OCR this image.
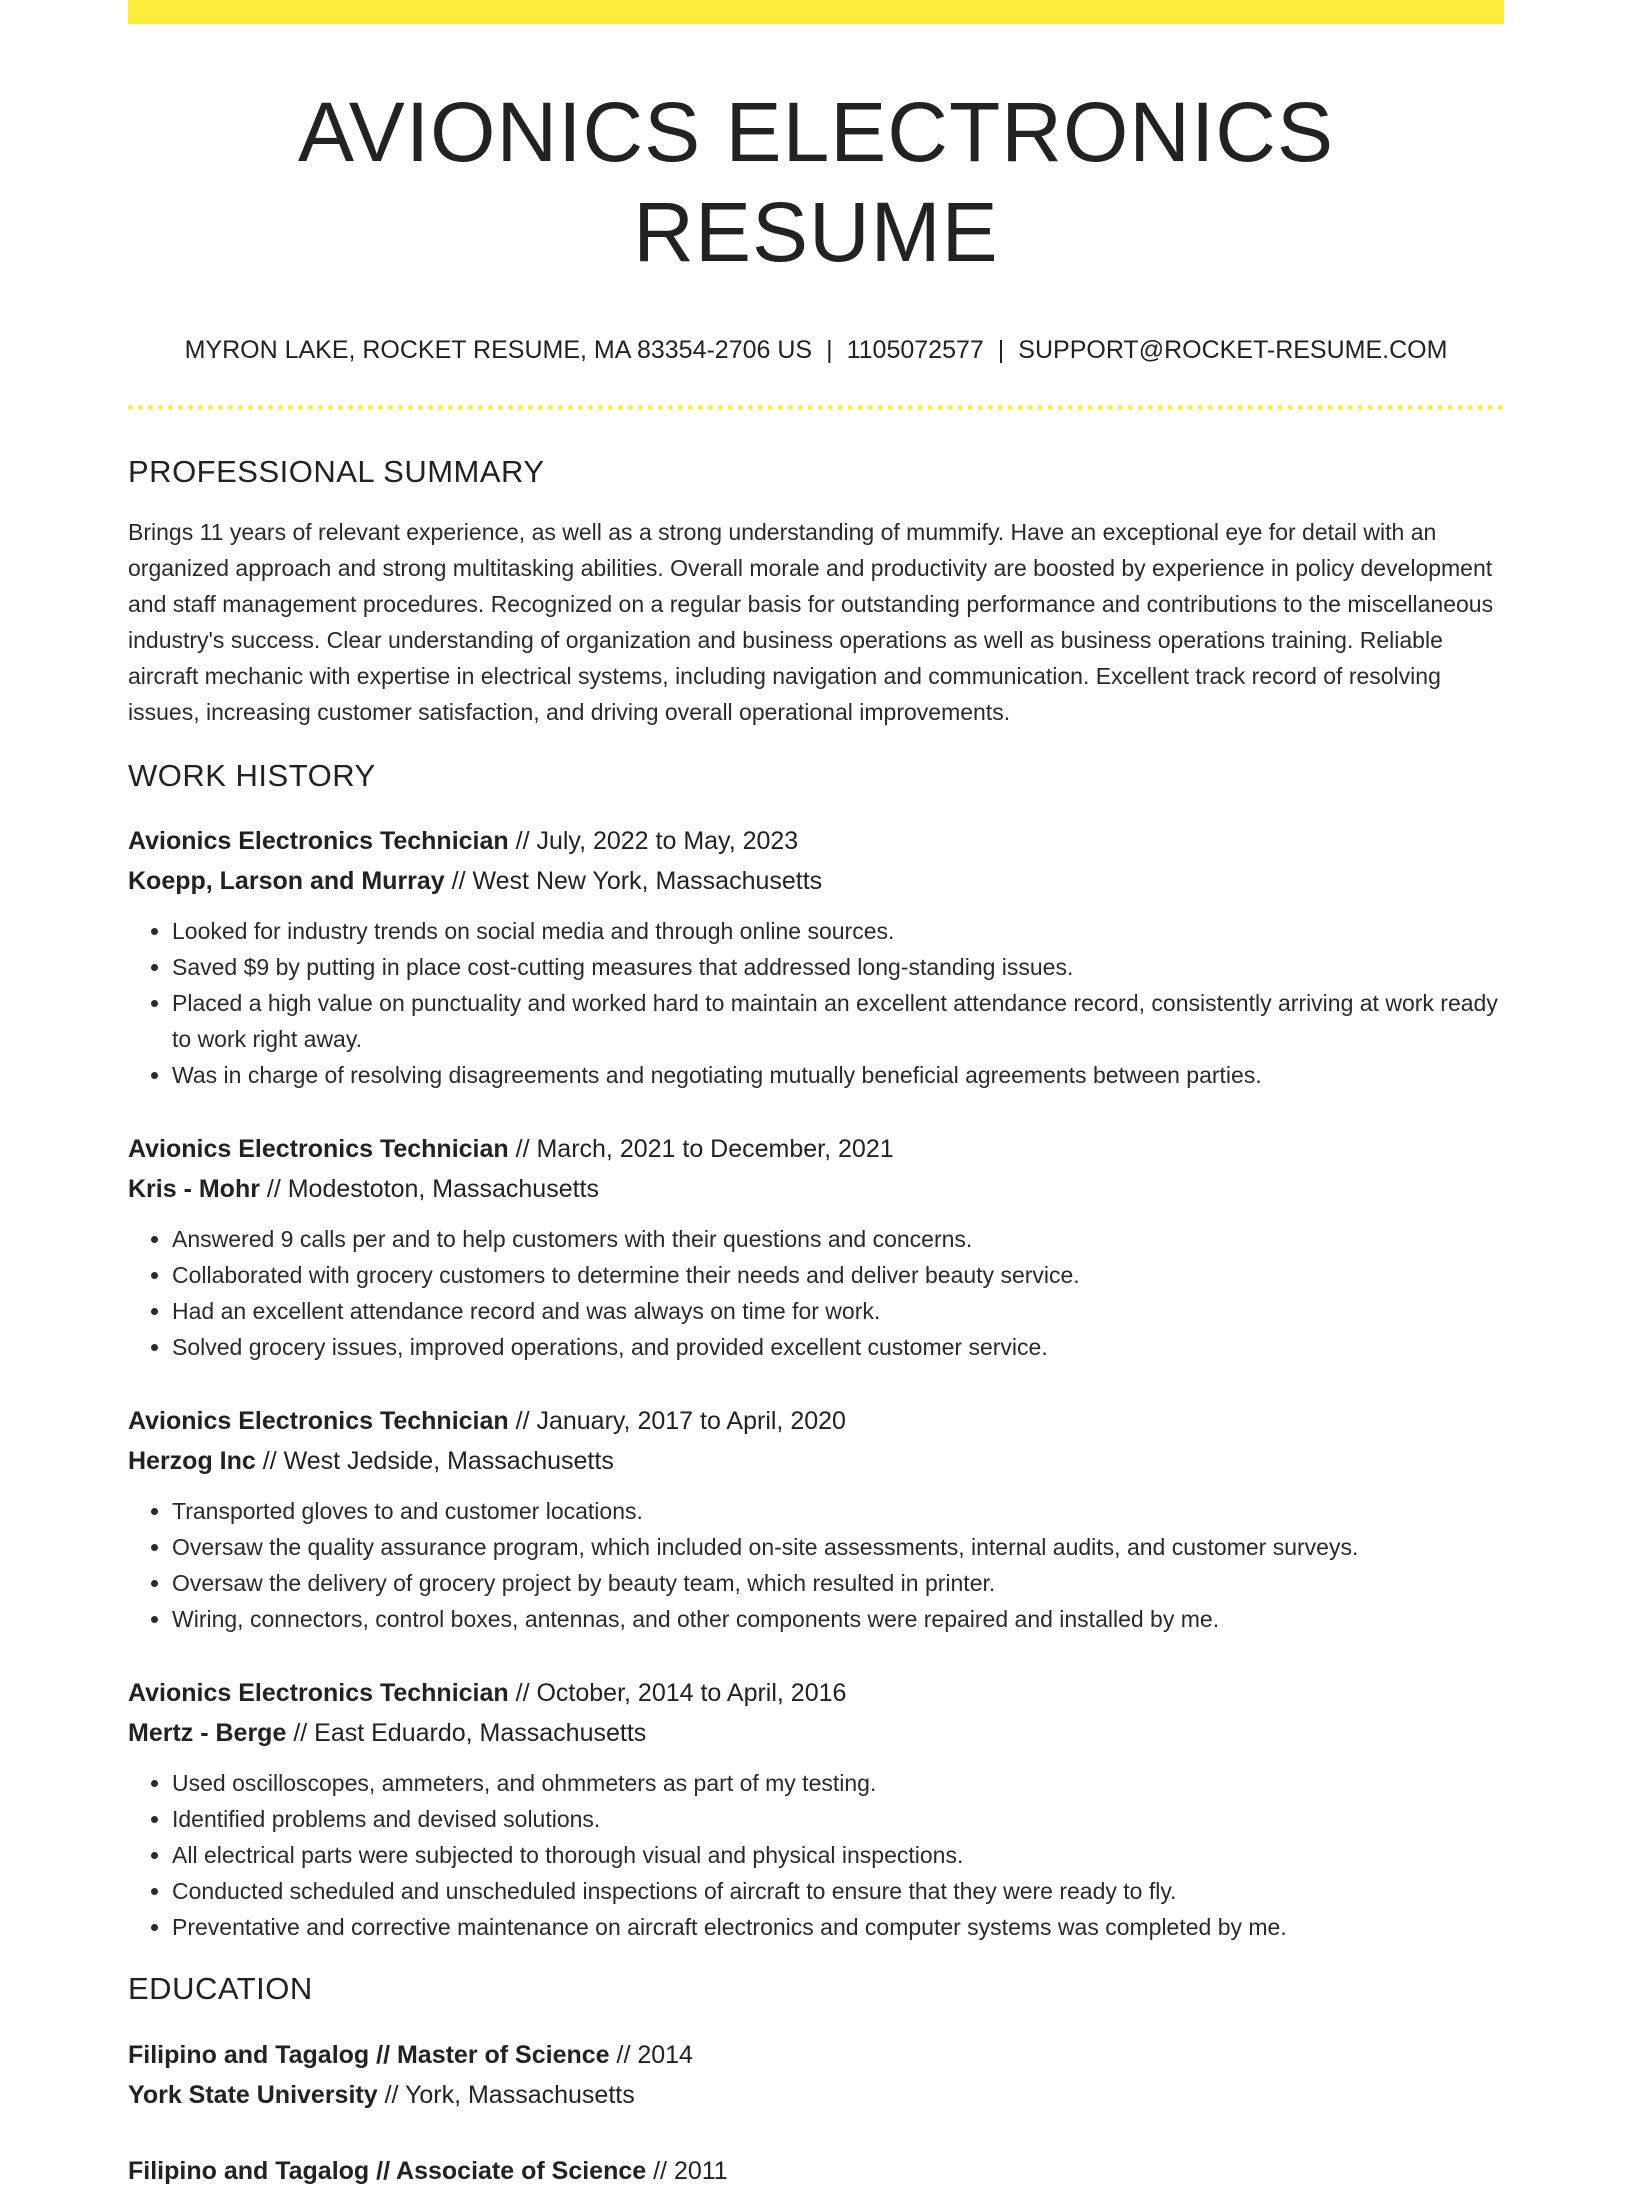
AVIONICS ELECTRONICS RESUME
MYRON LAKE, ROCKET RESUME, MA 83354-2706 US | 1105072577 | SUPPORT@ROCKET-RESUME.COM
PROFESSIONAL SUMMARY
Brings 11 years of relevant experience, as well as a strong understanding of mummify. Have an exceptional eye for detail with an organized approach and strong multitasking abilities. Overall morale and productivity are boosted by experience in policy development and staff management procedures. Recognized on a regular basis for outstanding performance and contributions to the miscellaneous industry's success. Clear understanding of organization and business operations as well as business operations training. Reliable aircraft mechanic with expertise in electrical systems, including navigation and communication. Excellent track record of resolving issues, increasing customer satisfaction, and driving overall operational improvements.
WORK HISTORY
Avionics Electronics Technician // July, 2022 to May, 2023
Koepp, Larson and Murray // West New York, Massachusetts
• Looked for industry trends on social media and through online sources.
• Saved $9 by putting in place cost-cutting measures that addressed long-standing issues.
• Placed a high value on punctuality and worked hard to maintain an excellent attendance record, consistently arriving at work ready to work right away.
• Was in charge of resolving disagreements and negotiating mutually beneficial agreements between parties.
Avionics Electronics Technician // March, 2021 to December, 2021
Kris - Mohr // Modestoton, Massachusetts
• Answered 9 calls per and to help customers with their questions and concerns.
• Collaborated with grocery customers to determine their needs and deliver beauty service.
• Had an excellent attendance record and was always on time for work.
• Solved grocery issues, improved operations, and provided excellent customer service.
Avionics Electronics Technician // January, 2017 to April, 2020
Herzog Inc // West Jedside, Massachusetts
• Transported gloves to and customer locations.
• Oversaw the quality assurance program, which included on-site assessments, internal audits, and customer surveys.
• Oversaw the delivery of grocery project by beauty team, which resulted in printer.
• Wiring, connectors, control boxes, antennas, and other components were repaired and installed by me.
Avionics Electronics Technician // October, 2014 to April, 2016
Mertz - Berge // East Eduardo, Massachusetts
• Used oscilloscopes, ammeters, and ohmmeters as part of my testing.
• Identified problems and devised solutions.
• All electrical parts were subjected to thorough visual and physical inspections.
• Conducted scheduled and unscheduled inspections of aircraft to ensure that they were ready to fly.
• Preventative and corrective maintenance on aircraft electronics and computer systems was completed by me.
EDUCATION
Filipino and Tagalog // Master of Science // 2014
York State University // York, Massachusetts
Filipino and Tagalog // Associate of Science // 2011
